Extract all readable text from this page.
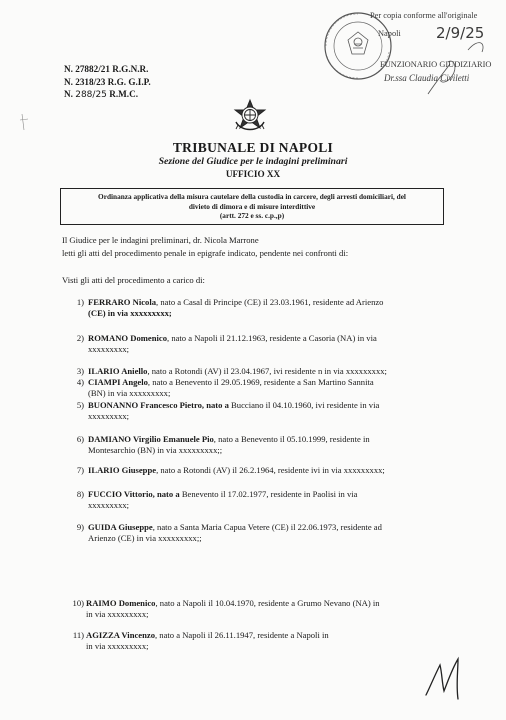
N. 27882/21 R.G.N.R.
N. 2318/23 R.G. G.I.P.
N. 288/25 R.M.C.
Per copia conforme all'originale
Napoli 2/9/25
FUNZIONARIO GIUDIZIARIO
Dr.ssa Claudia Civiletti
TRIBUNALE DI NAPOLI
Sezione del Giudice per le indagini preliminari
UFFICIO XX
Ordinanza applicativa della misura cautelare della custodia in carcere, degli arresti domiciliari, del
divieto di dimora e di misure interdittive
(artt. 272 e ss. c.p.,p)
Il Giudice per le indagini preliminari, dr. Nicola Marrone
letti gli atti del procedimento penale in epigrafe indicato, pendente nei confronti di:
Visti gli atti del procedimento a carico di:
1) FERRARO Nicola, nato a Casal di Principe (CE) il 23.03.1961, residente ad Arienzo
(CE) in via xxxxxxxxx;
2) ROMANO Domenico, nato a Napoli il 21.12.1963, residente a Casoria (NA) in via
xxxxxxxxx;
3) ILARIO Aniello, nato a Rotondi (AV) il 23.04.1967, ivi residente n in via xxxxxxxxx;
4) CIAMPI Angelo, nato a Benevento il 29.05.1969, residente a San Martino Sannita
(BN) in via xxxxxxxxx;
5) BUONANNO Francesco Pietro, nato a Bucciano il 04.10.1960, ivi residente in via
xxxxxxxxx;
6) DAMIANO Virgilio Emanuele Pio, nato a Benevento il 05.10.1999, residente in
Montesarchio (BN) in via xxxxxxxxx;;
7) ILARIO Giuseppe, nato a Rotondi (AV) il 26.2.1964, residente ivi in via xxxxxxxxx;
8) FUCCIO Vittorio, nato a Benevento il 17.02.1977, residente in Paolisi in via
xxxxxxxxx;
9) GUIDA Giuseppe, nato a Santa Maria Capua Vetere (CE) il 22.06.1973, residente ad
Arienzo (CE) in via xxxxxxxxx;;
10) RAIMO Domenico, nato a Napoli il 10.04.1970, residente a Grumo Nevano (NA) in
in via xxxxxxxxx;
11) AGIZZA Vincenzo, nato a Napoli il 26.11.1947, residente a Napoli in
in via xxxxxxxxx;
